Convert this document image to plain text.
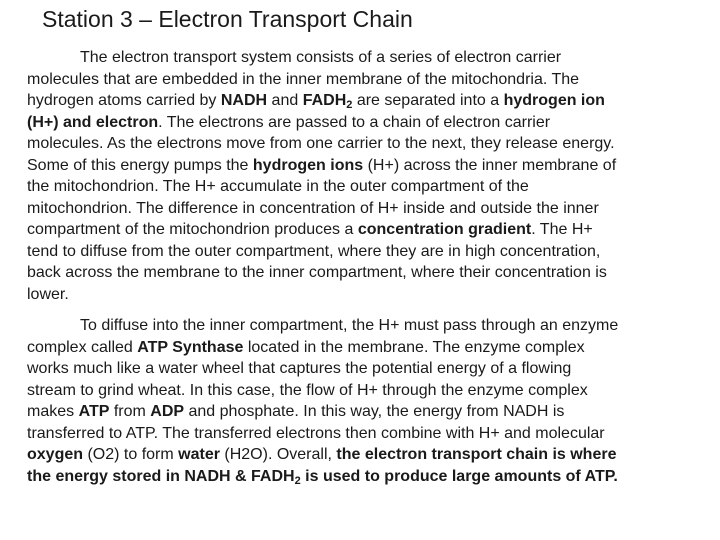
Station 3 – Electron Transport Chain

The electron transport system consists of a series of electron carrier
molecules that are embedded in the inner membrane of the mitochondria. The
hydrogen atoms carried by NADH and $FADH_2$ are separated into a hydrogen ion
(H+) and electron. The electrons are passed to a chain of electron carrier
molecules. As the electrons move from one carrier to the next, they release energy.
Some of this energy pumps the hydrogen ions (H+) across the inner membrane of
the mitochondrion. The H+ accumulate in the outer compartment of the
mitochondrion. The difference in concentration of H+ inside and outside the inner
compartment of the mitochondrion produces a concentration gradient. The H+
tend to diffuse from the outer compartment, where they are in high concentration,
back across the membrane to the inner compartment, where their concentration is
lower.

To diffuse into the inner compartment, the H+ must pass through an enzyme
complex called ATP Synthase located in the membrane. The enzyme complex
works much like a water wheel that captures the potential energy of a flowing
stream to grind wheat. In this case, the flow of H+ through the enzyme complex
makes ATP from ADP and phosphate. In this way, the energy from NADH is
transferred to ATP. The transferred electrons then combine with H+ and molecular
oxygen (O2) to form water (H2O). Overall, the electron transport chain is where
the energy stored in NADH & $FADH_2$ is used to produce large amounts of ATP.
